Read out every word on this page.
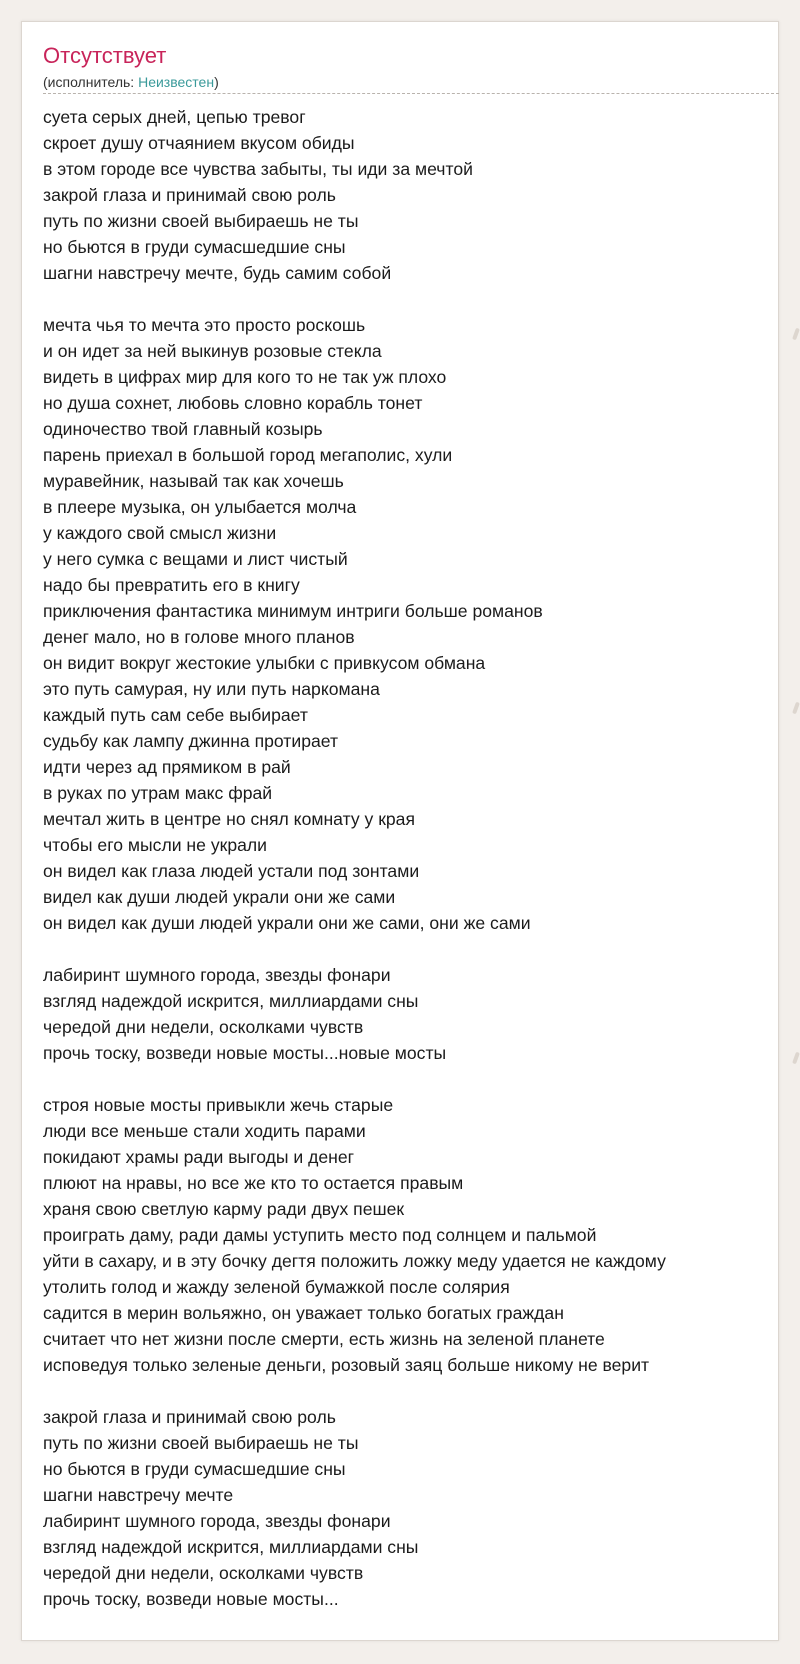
Отсутствует
(исполнитель: Неизвестен)
суета серых дней, цепью тревог
скроет душу отчаянием вкусом обиды
в этом городе все чувства забыты, ты иди за мечтой
закрой глаза и принимай свою роль
путь по жизни своей выбираешь не ты
но бьются в груди сумасшедшие сны
шагни навстречу мечте, будь самим собой
мечта чья то мечта это просто роскошь
и он идет за ней выкинув розовые стекла
видеть в цифрах мир для кого то не так уж плохо
но душа сохнет, любовь словно корабль тонет
одиночество твой главный козырь
парень приехал в большой город мегаполис, хули
муравейник, называй так как хочешь
в плеере музыка, он улыбается молча
у каждого свой смысл жизни
у него сумка с вещами и лист чистый
надо бы превратить его в книгу
приключения фантастика минимум интриги больше романов
денег мало, но в голове много планов
он видит вокруг жестокие улыбки с привкусом обмана
это путь самурая, ну или путь наркомана
каждый путь сам себе выбирает
судьбу как лампу джинна протирает
идти через ад прямиком в рай
в руках по утрам макс фрай
мечтал жить в центре но снял комнату у края
чтобы его мысли не украли
он видел как глаза людей устали под зонтами
видел как души людей украли они же сами
он видел как души людей украли они же сами, они же сами
лабиринт шумного города, звезды фонари
взгляд надеждой искрится, миллиардами сны
чередой дни недели, осколками чувств
прочь тоску, возведи новые мосты...новые мосты
строя новые мосты привыкли жечь старые
люди все меньше стали ходить парами
покидают храмы ради выгоды и денег
плюют на нравы, но все же кто то остается правым
храня свою светлую карму ради двух пешек
проиграть даму, ради дамы уступить место под солнцем и пальмой
уйти в сахару, и в эту бочку дегтя положить ложку меду удается не каждому
утолить голод и жажду зеленой бумажкой после солярия
садится в мерин вольяжно, он уважает только богатых граждан
считает что нет жизни после смерти, есть жизнь на зеленой планете
исповедуя только зеленые деньги, розовый заяц больше никому не верит
закрой глаза и принимай свою роль
путь по жизни своей выбираешь не ты
но бьются в груди сумасшедшие сны
шагни навстречу мечте
лабиринт шумного города, звезды фонари
взгляд надеждой искрится, миллиардами сны
чередой дни недели, осколками чувств
прочь тоску, возведи новые мосты...
